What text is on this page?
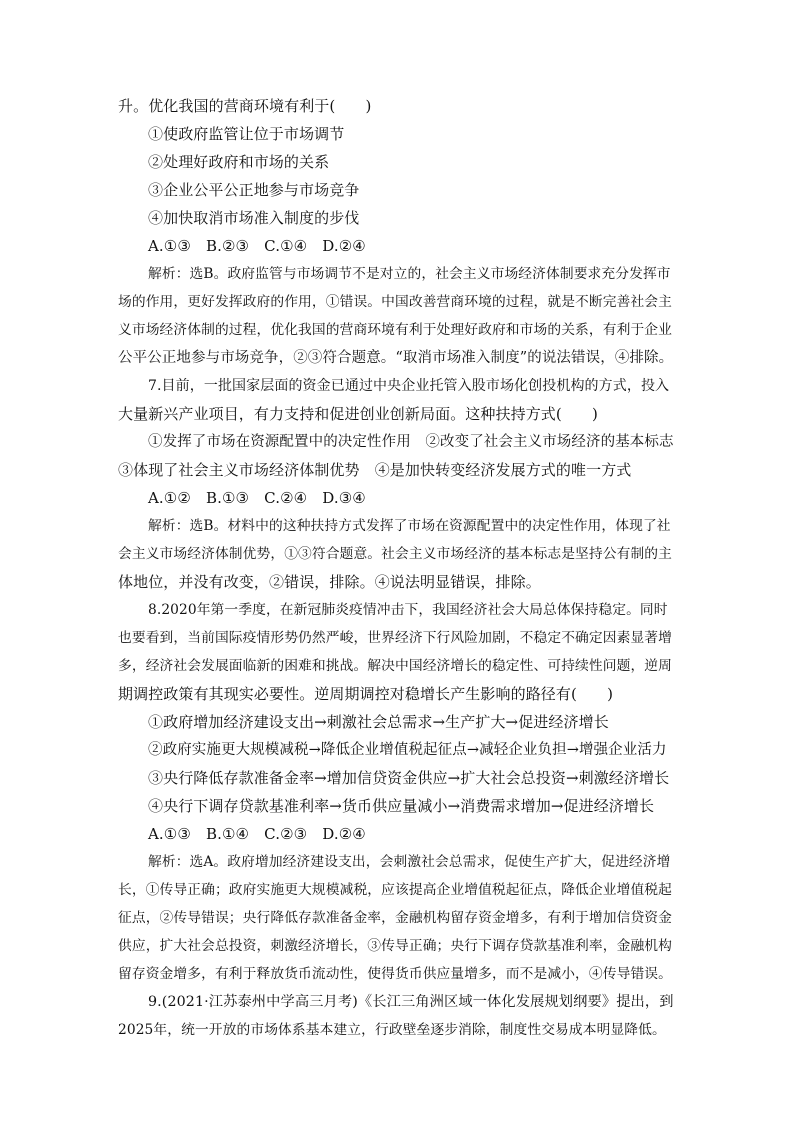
升。优化我国的营商环境有利于(　　)
①使政府监管让位于市场调节
②处理好政府和市场的关系
③企业公平公正地参与市场竞争
④加快取消市场准入制度的步伐
A.①③　B.②③　C.①④　D.②④
解析：选B。政府监管与市场调节不是对立的，社会主义市场经济体制要求充分发挥市
场的作用，更好发挥政府的作用，①错误。中国改善营商环境的过程，就是不断完善社会主
义市场经济体制的过程，优化我国的营商环境有利于处理好政府和市场的关系，有利于企业
公平公正地参与市场竞争，②③符合题意。“取消市场准入制度”的说法错误，④排除。
7.目前，一批国家层面的资金已通过中央企业托管入股市场化创投机构的方式，投入
大量新兴产业项目，有力支持和促进创业创新局面。这种扶持方式(　　)
①发挥了市场在资源配置中的决定性作用　②改变了社会主义市场经济的基本标志
③体现了社会主义市场经济体制优势　④是加快转变经济发展方式的唯一方式
A.①②　B.①③　C.②④　D.③④
解析：选B。材料中的这种扶持方式发挥了市场在资源配置中的决定性作用，体现了社
会主义市场经济体制优势，①③符合题意。社会主义市场经济的基本标志是坚持公有制的主
体地位，并没有改变，②错误，排除。④说法明显错误，排除。
8.2020年第一季度，在新冠肺炎疫情冲击下，我国经济社会大局总体保持稳定。同时
也要看到，当前国际疫情形势仍然严峻，世界经济下行风险加剧，不稳定不确定因素显著增
多，经济社会发展面临新的困难和挑战。解决中国经济增长的稳定性、可持续性问题，逆周
期调控政策有其现实必要性。逆周期调控对稳增长产生影响的路径有(　　)
①政府增加经济建设支出→刺激社会总需求→生产扩大→促进经济增长
②政府实施更大规模减税→降低企业增值税起征点→减轻企业负担→增强企业活力
③央行降低存款准备金率→增加信贷资金供应→扩大社会总投资→刺激经济增长
④央行下调存贷款基准利率→货币供应量减小→消费需求增加→促进经济增长
A.①③　B.①④　C.②③　D.②④
解析：选A。政府增加经济建设支出，会刺激社会总需求，促使生产扩大，促进经济增
长，①传导正确；政府实施更大规模减税，应该提高企业增值税起征点，降低企业增值税起
征点，②传导错误；央行降低存款准备金率，金融机构留存资金增多，有利于增加信贷资金
供应，扩大社会总投资，刺激经济增长，③传导正确；央行下调存贷款基准利率，金融机构
留存资金增多，有利于释放货币流动性，使得货币供应量增多，而不是减小，④传导错误。
9.(2021·江苏泰州中学高三月考)《长江三角洲区域一体化发展规划纲要》提出，到
2025年，统一开放的市场体系基本建立，行政壁垒逐步消除，制度性交易成本明显降低。
